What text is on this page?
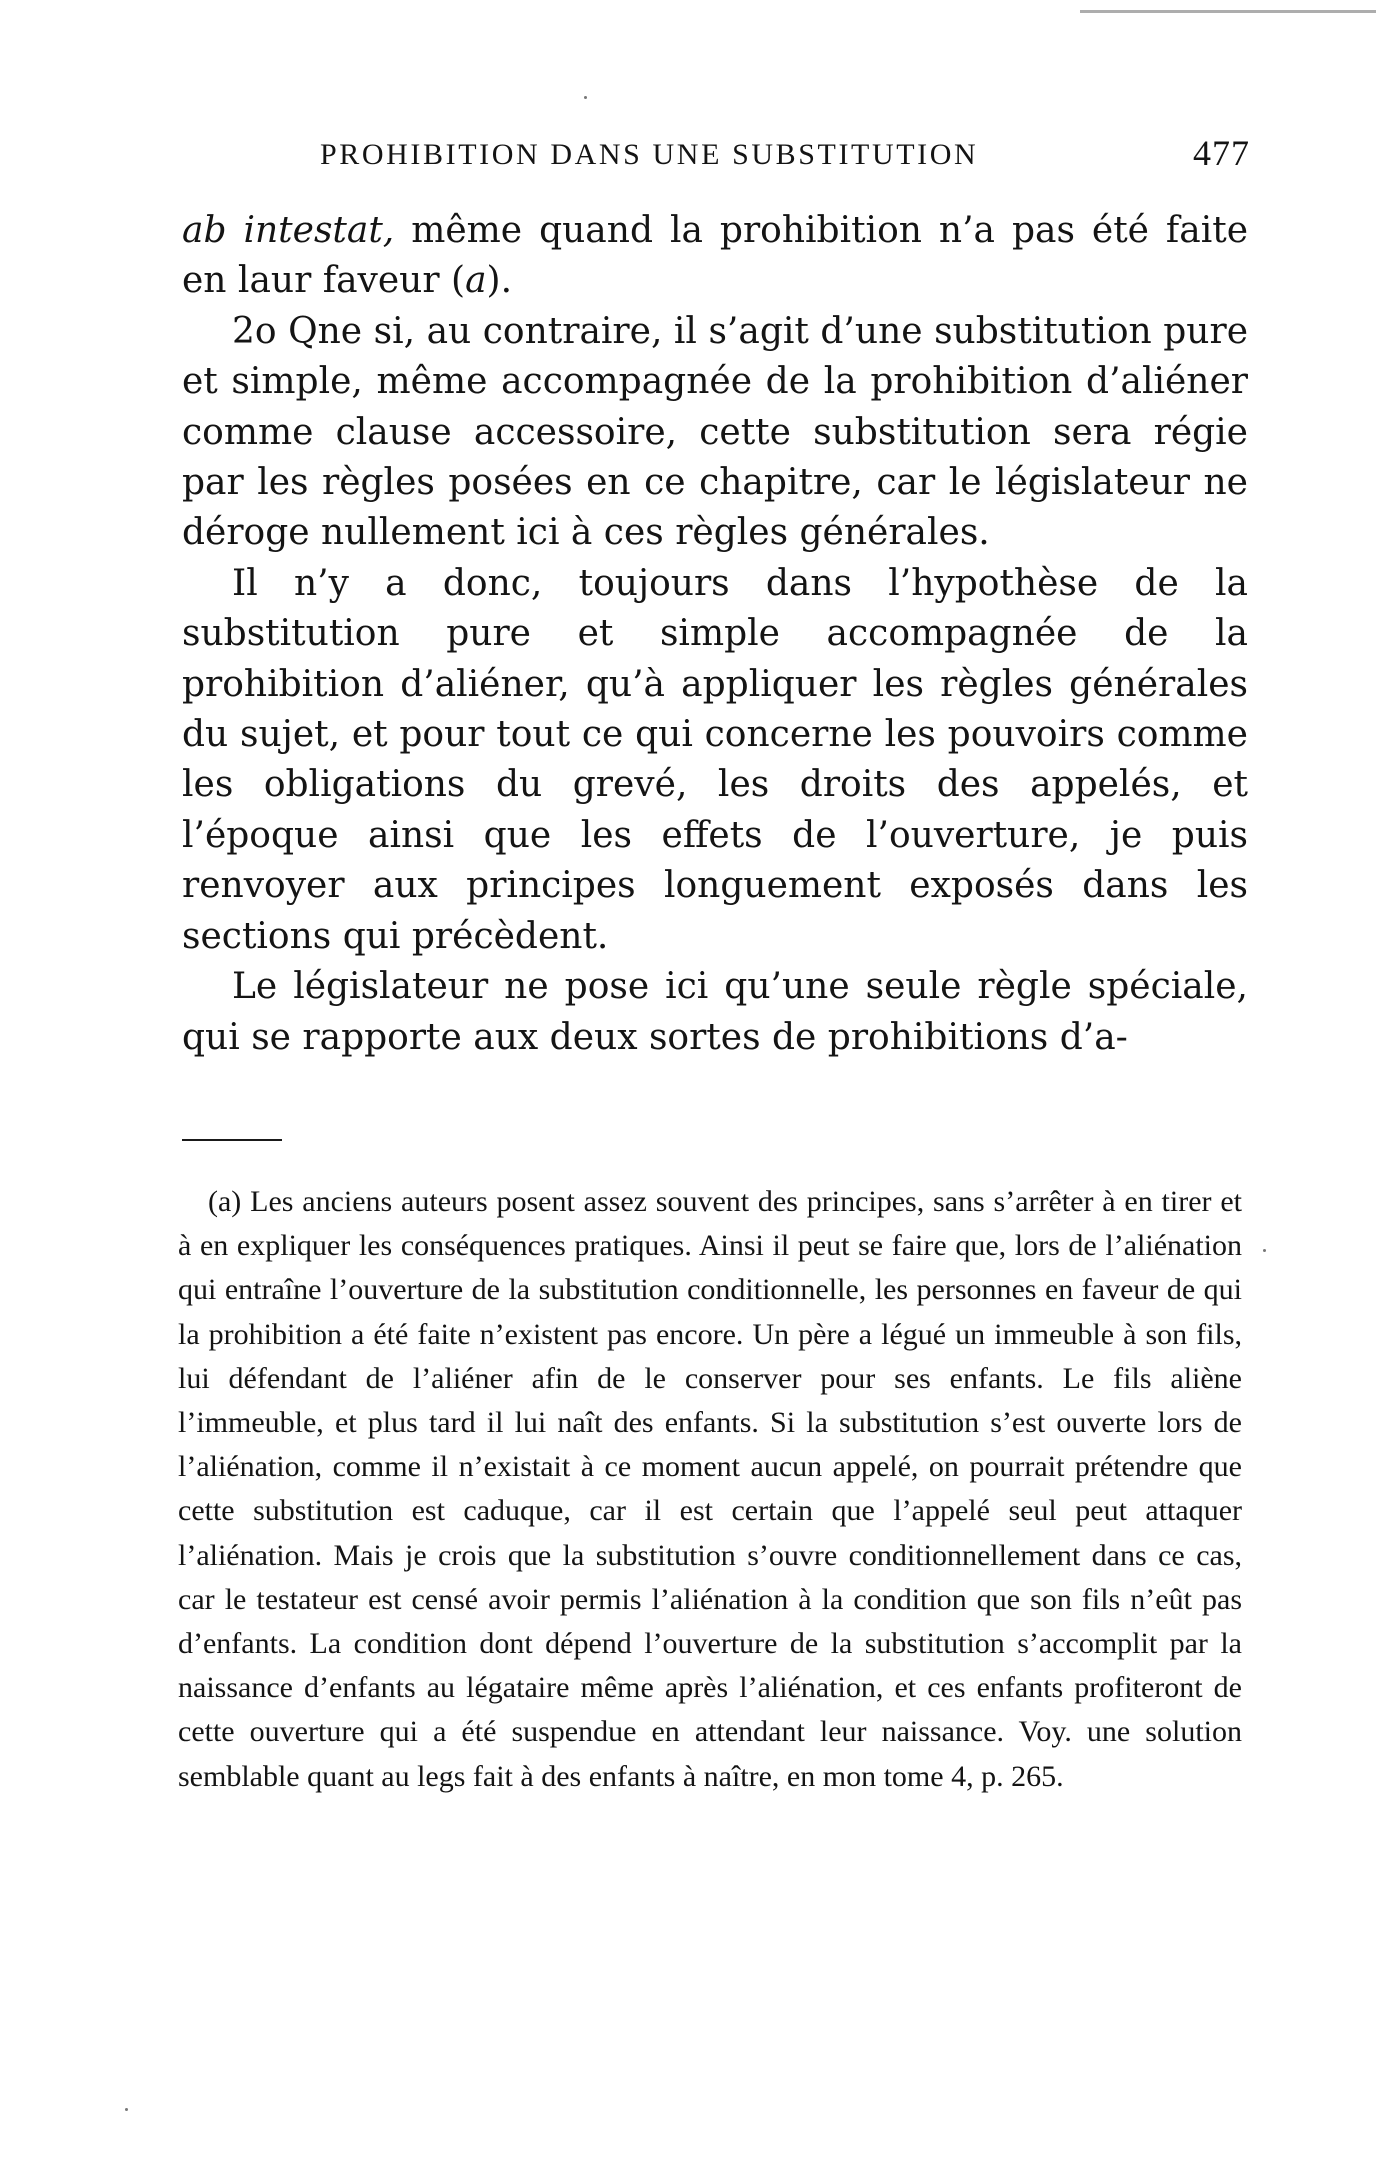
PROHIBITION DANS UNE SUBSTITUTION	477

ab intestat, même quand la prohibition n’a pas été faite en laur faveur (a).

2o Qne si, au contraire, il s’agit d’une substitution pure et simple, même accompagnée de la prohibition d’aliéner comme clause accessoire, cette substitution sera régie par les règles posées en ce chapitre, car le législateur ne déroge nullement ici à ces règles générales.

Il n’y a donc, toujours dans l’hypothèse de la substitution pure et simple accompagnée de la prohibition d’aliéner, qu’à appliquer les règles générales du sujet, et pour tout ce qui concerne les pouvoirs comme les obligations du grevé, les droits des appelés, et l’époque ainsi que les effets de l’ouverture, je puis renvoyer aux principes longuement exposés dans les sections qui précèdent.

Le législateur ne pose ici qu’une seule règle spéciale, qui se rapporte aux deux sortes de prohibitions d’a-

(a) Les anciens auteurs posent assez souvent des principes, sans s’arrêter à en tirer et à en expliquer les conséquences pratiques. Ainsi il peut se faire que, lors de l’aliénation qui entraîne l’ouverture de la substitution conditionnelle, les personnes en faveur de qui la prohibition a été faite n’existent pas encore. Un père a légué un immeuble à son fils, lui défendant de l’aliéner afin de le conserver pour ses enfants. Le fils aliène l’immeuble, et plus tard il lui naît des enfants. Si la substitution s’est ouverte lors de l’aliénation, comme il n’existait à ce moment aucun appelé, on pourrait prétendre que cette substitution est caduque, car il est certain que l’appelé seul peut attaquer l’aliénation. Mais je crois que la substitution s’ouvre conditionnellement dans ce cas, car le testateur est censé avoir permis l’aliénation à la condition que son fils n’eût pas d’enfants. La condition dont dépend l’ouverture de la substitution s’accomplit par la naissance d’enfants au légataire même après l’aliénation, et ces enfants profiteront de cette ouverture qui a été suspendue en attendant leur naissance. Voy. une solution semblable quant au legs fait à des enfants à naître, en mon tome 4, p. 265.
